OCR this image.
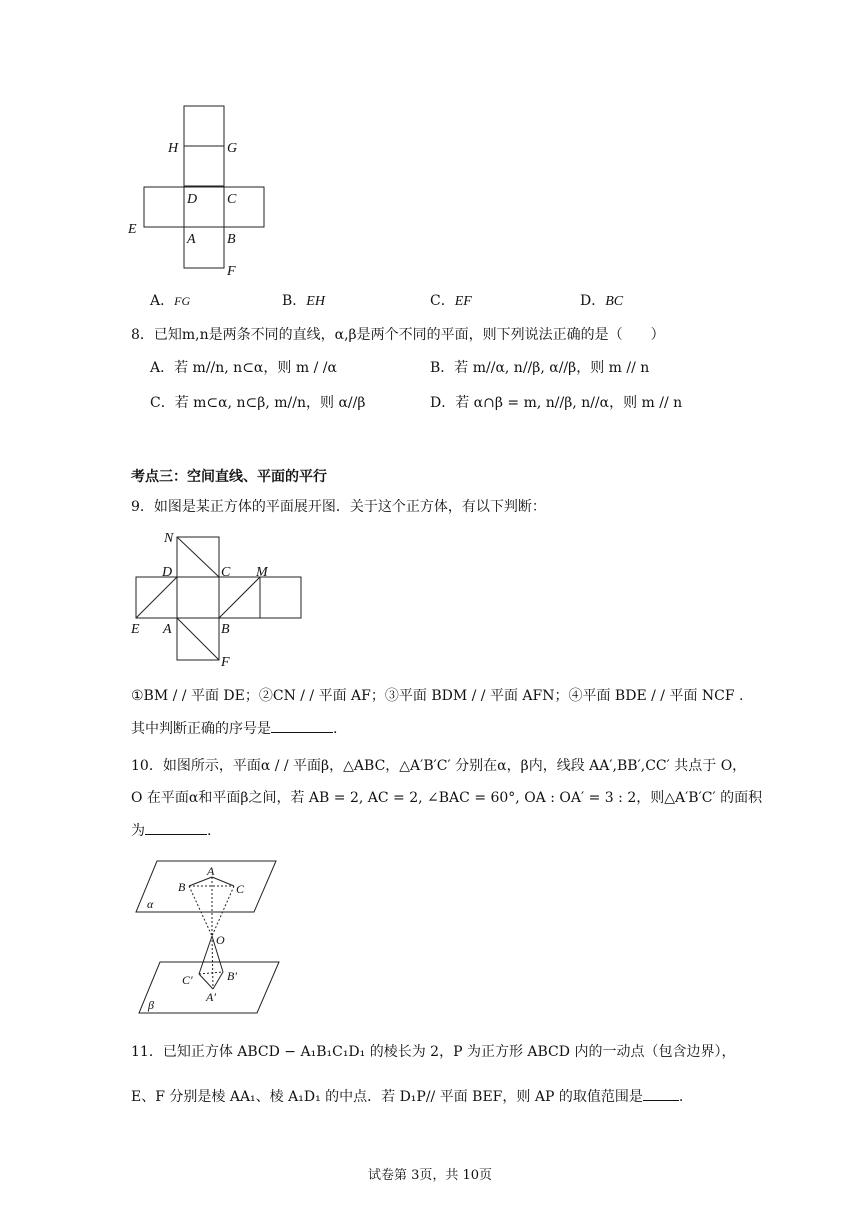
H	G
D C
E
A B
F
A．FG	B．EH	C．EF	D．BC
8．已知m,n是两条不同的直线，α,β是两个不同的平面，则下列说法正确的是（　　）
A．若 m//n, n⊂α，则 m / /α	B．若 m//α, n//β, α//β，则 m // n
C．若 m⊂α, n⊂β, m//n，则 α//β	D．若 α∩β = m, n//β, n//α，则 m // n
考点三：空间直线、平面的平行
9．如图是某正方体的平面展开图．关于这个正方体，有以下判断：
N
D	C M
E A	B
F
①BM / / 平面 DE；②CN / / 平面 AF；③平面 BDM / / 平面 AFN；④平面 BDE / / 平面 NCF .
其中判断正确的序号是	.
10．如图所示，平面α / / 平面β，△ABC，△A′B′C′ 分别在α，β内，线段 AA′,BB′,CC′ 共点于 O，
O 在平面α和平面β之间，若 AB = 2, AC = 2, ∠BAC = 60°, OA : OA′ = 3 : 2，则△A′B′C′ 的面积
为	.
A
B	C
α
O
C′	B′
A′
β
11．已知正方体 ABCD − A₁B₁C₁D₁ 的棱长为 2，P 为正方形 ABCD 内的一动点（包含边界），
E、F 分别是棱 AA₁、棱 A₁D₁ 的中点．若 D₁P// 平面 BEF，则 AP 的取值范围是	.
试卷第 3页，共 10页
